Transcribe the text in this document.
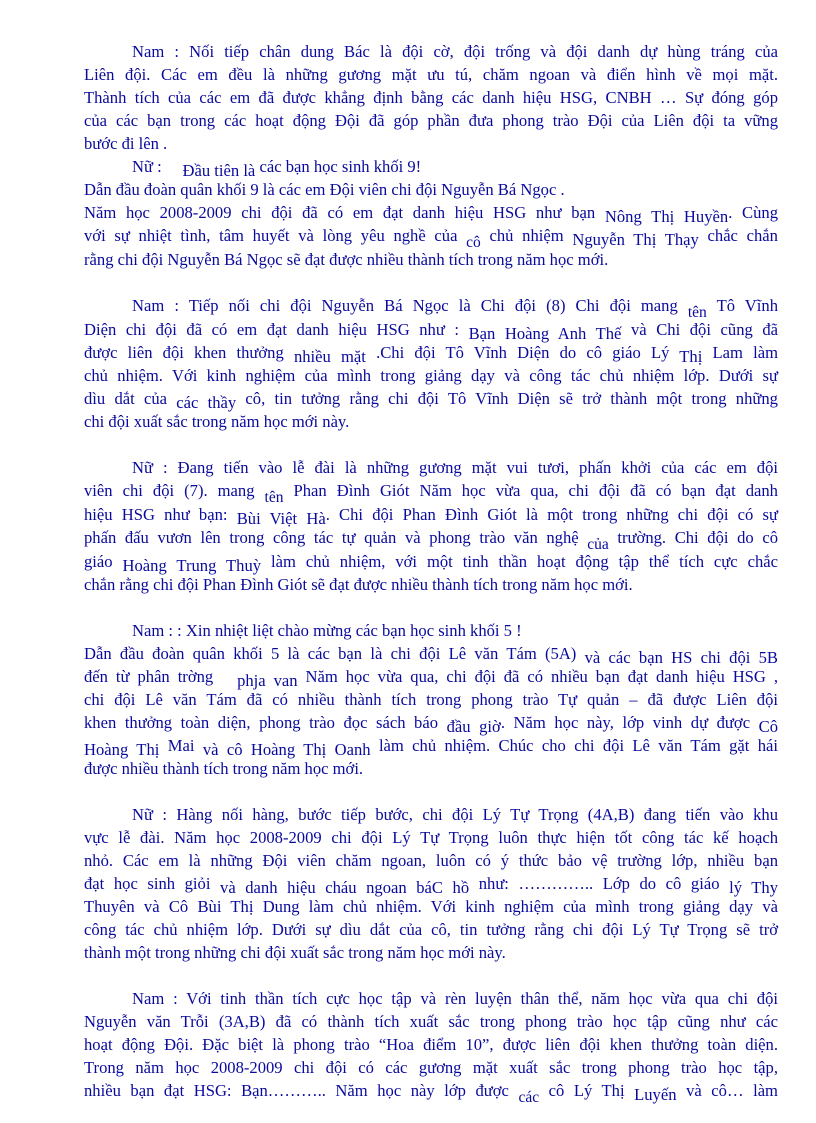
Nam : Nối tiếp chân dung Bác là đội cờ, đội trống và đội danh dự hùng tráng của
Liên đội. Các em đều là những gương mặt ưu tú, chăm ngoan và điển hình về mọi mặt.
Thành tích của các em đã được khẳng định bằng các danh hiệu HSG, CNBH … Sự đóng góp
của các bạn trong các hoạt động Đội đã góp phần đưa phong trào Đội của Liên đội ta vững
bước đi lên .
Nữ : Đầu tiên là các bạn học sinh khối 9!
Dẫn đầu đoàn quân khối 9 là các em Đội viên chi đội Nguyễn Bá Ngọc .
Năm học 2008-2009 chi đội đã có em đạt danh hiệu HSG như bạn Nông Thị Huyền. Cùng
với sự nhiệt tình, tâm huyết và lòng yêu nghề của cô chủ nhiệm Nguyễn Thị Thạy chắc chắn
rằng chi đội Nguyễn Bá Ngọc sẽ đạt được nhiều thành tích trong năm học mới.
Nam : Tiếp nối chi đội Nguyễn Bá Ngọc là Chi đội (8) Chi đội mang tên Tô Vĩnh
Diện chi đội đã có em đạt danh hiệu HSG như : Bạn Hoàng Anh Thế và Chi đội cũng đã
được liên đội khen thưởng nhiều mặt .Chi đội Tô Vĩnh Diện do cô giáo Lý Thị Lam làm
chủ nhiệm. Với kinh nghiệm của mình trong giảng dạy và công tác chủ nhiệm lớp. Dưới sự
dìu dắt của các thầy cô, tin tưởng rằng chi đội Tô Vĩnh Diện sẽ trở thành một trong những
chi đội xuất sắc trong năm học mới này.
Nữ : Đang tiến vào lễ đài là những gương mặt vui tươi, phấn khởi của các em đội
viên chi đội (7). mang tên Phan Đình Giót Năm học vừa qua, chi đội đã có bạn đạt danh
hiệu HSG như bạn: Bùi Việt Hà. Chi đội Phan Đình Giót là một trong những chi đội có sự
phấn đấu vươn lên trong công tác tự quản và phong trào văn nghệ của trường. Chi đội do cô
giáo Hoàng Trung Thuỳ làm chủ nhiệm, với một tinh thần hoạt động tập thể tích cực chắc
chắn rằng chi đội Phan Đình Giót sẽ đạt được nhiều thành tích trong năm học mới.
Nam : : Xin nhiệt liệt chào mừng các bạn học sinh khối 5 !
Dẫn đầu đoàn quân khối 5 là các bạn là chi đội Lê văn Tám (5A) và các bạn HS chi đội 5B
đến từ phân trờng phja van Năm học vừa qua, chi đội đã có nhiều bạn đạt danh hiệu HSG ,
chi đội Lê văn Tám đã có nhiều thành tích trong phong trào Tự quản – đã được Liên đội
khen thưởng toàn diện, phong trào đọc sách báo đầu giờ. Năm học này, lớp vinh dự được Cô
Hoàng Thị Mai và cô Hoàng Thị Oanh làm chủ nhiệm. Chúc cho chi đội Lê văn Tám gặt hái
được nhiều thành tích trong năm học mới.
Nữ : Hàng nối hàng, bước tiếp bước, chi đội Lý Tự Trọng (4A,B) đang tiến vào khu
vực lễ đài. Năm học 2008-2009 chi đội Lý Tự Trọng luôn thực hiện tốt công tác kế hoạch
nhỏ. Các em là những Đội viên chăm ngoan, luôn có ý thức bảo vệ trường lớp, nhiều bạn
đạt học sinh giỏi và danh hiệu cháu ngoan báC hồ như: ………….. Lớp do cô giáo lý Thy
Thuyên và Cô Bùi Thị Dung làm chủ nhiệm. Với kinh nghiệm của mình trong giảng dạy và
công tác chủ nhiệm lớp. Dưới sự dìu dắt của cô, tin tưởng rằng chi đội Lý Tự Trọng sẽ trở
thành một trong những chi đội xuất sắc trong năm học mới này.
Nam : Với tinh thần tích cực học tập và rèn luyện thân thể, năm học vừa qua chi đội
Nguyễn văn Trỗi (3A,B) đã có thành tích xuất sắc trong phong trào học tập cũng như các
hoạt động Đội. Đặc biệt là phong trào “Hoa điểm 10”, được liên đội khen thưởng toàn diện.
Trong năm học 2008-2009 chi đội có các gương mặt xuất sắc trong phong trào học tập,
nhiều bạn đạt HSG: Bạn……….. Năm học này lớp được các cô Lý Thị Luyến và cô… làm
